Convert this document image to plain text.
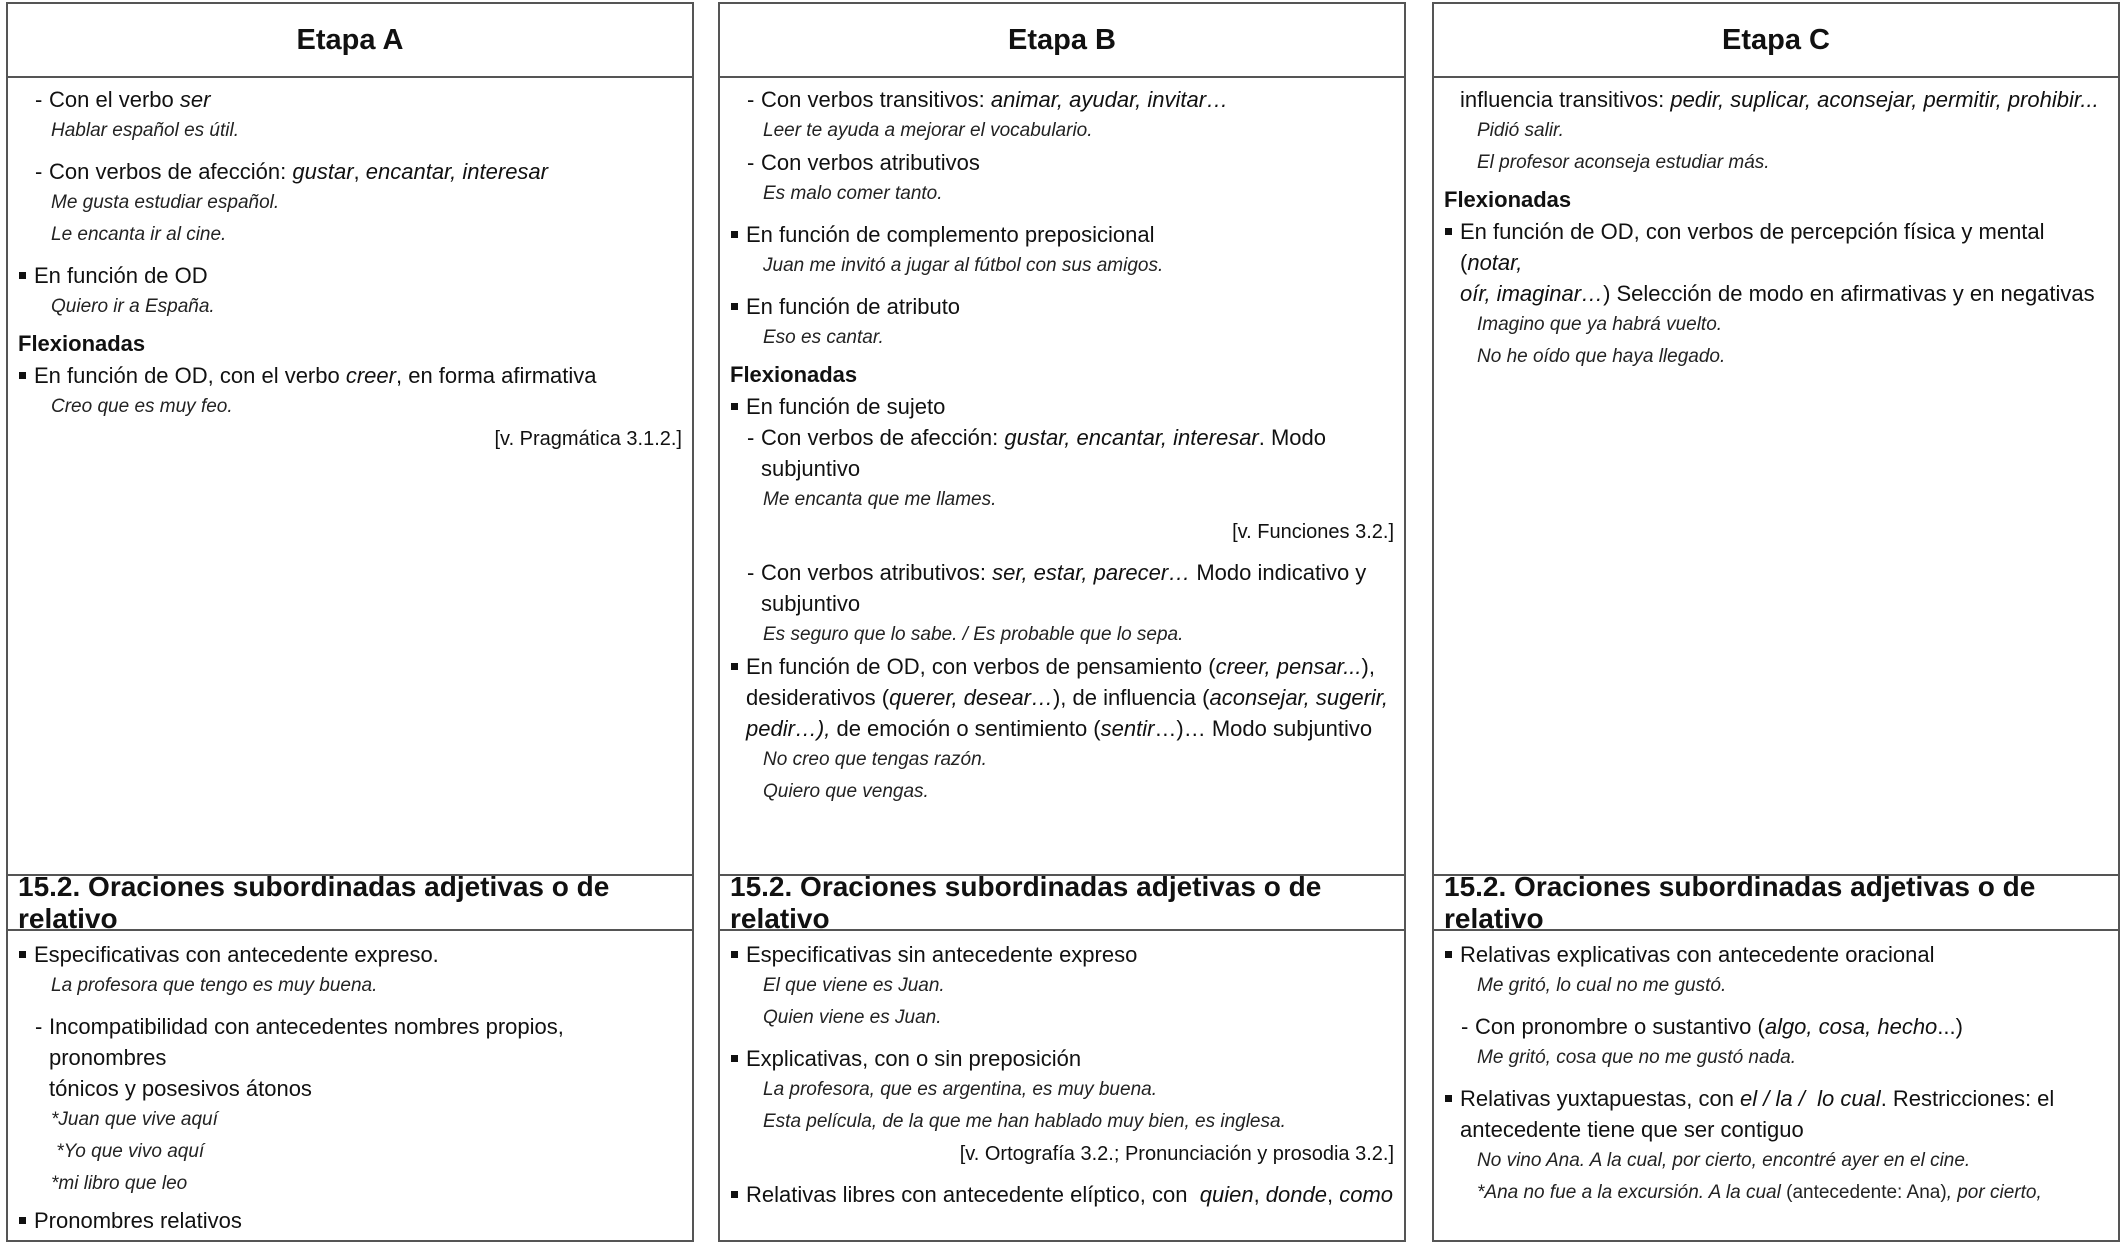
Etapa A
- Con el verbo ser
Hablar español es útil.
- Con verbos de afección: gustar, encantar, interesar
Me gusta estudiar español.
Le encanta ir al cine.
En función de OD
Quiero ir a España.
Flexionadas
En función de OD, con el verbo creer, en forma afirmativa
Creo que es muy feo.
[v. Pragmática 3.1.2.]
15.2. Oraciones subordinadas adjetivas o de relativo
Especificativas con antecedente expreso.
La profesora que tengo es muy buena.
- Incompatibilidad con antecedentes nombres propios, pronombres
tónicos y posesivos átonos
*Juan que vive aquí
*Yo que vivo aquí
*mi libro que leo
Pronombres relativos
Etapa B
- Con verbos transitivos: animar, ayudar, invitar…
Leer te ayuda a mejorar el vocabulario.
- Con verbos atributivos
Es malo comer tanto.
En función de complemento preposicional
Juan me invitó a jugar al fútbol con sus amigos.
En función de atributo
Eso es cantar.
Flexionadas
En función de sujeto
- Con verbos de afección: gustar, encantar, interesar. Modo
subjuntivo
Me encanta que me llames.
[v. Funciones 3.2.]
- Con verbos atributivos: ser, estar, parecer… Modo indicativo y
subjuntivo
Es seguro que lo sabe. / Es probable que lo sepa.
En función de OD, con verbos de pensamiento (creer, pensar...),
desiderativos (querer, desear…), de influencia (aconsejar, sugerir,
pedir…), de emoción o sentimiento (sentir…)… Modo subjuntivo
No creo que tengas razón.
Quiero que vengas.
15.2. Oraciones subordinadas adjetivas o de relativo
Especificativas sin antecedente expreso
El que viene es Juan.
Quien viene es Juan.
Explicativas, con o sin preposición
La profesora, que es argentina, es muy buena.
Esta película, de la que me han hablado muy bien, es inglesa.
[v. Ortografía 3.2.; Pronunciación y prosodia 3.2.]
Relativas libres con antecedente elíptico, con  quien, donde, como
Etapa C
influencia transitivos: pedir, suplicar, aconsejar, permitir, prohibir...
Pidió salir.
El profesor aconseja estudiar más.
Flexionadas
En función de OD, con verbos de percepción física y mental (notar,
oír, imaginar…) Selección de modo en afirmativas y en negativas
Imagino que ya habrá vuelto.
No he oído que haya llegado.
15.2. Oraciones subordinadas adjetivas o de relativo
Relativas explicativas con antecedente oracional
Me gritó, lo cual no me gustó.
- Con pronombre o sustantivo (algo, cosa, hecho...)
Me gritó, cosa que no me gustó nada.
Relativas yuxtapuestas, con el / la /  lo cual. Restricciones: el
antecedente tiene que ser contiguo
No vino Ana. A la cual, por cierto, encontré ayer en el cine.
*Ana no fue a la excursión. A la cual (antecedente: Ana), por cierto,
